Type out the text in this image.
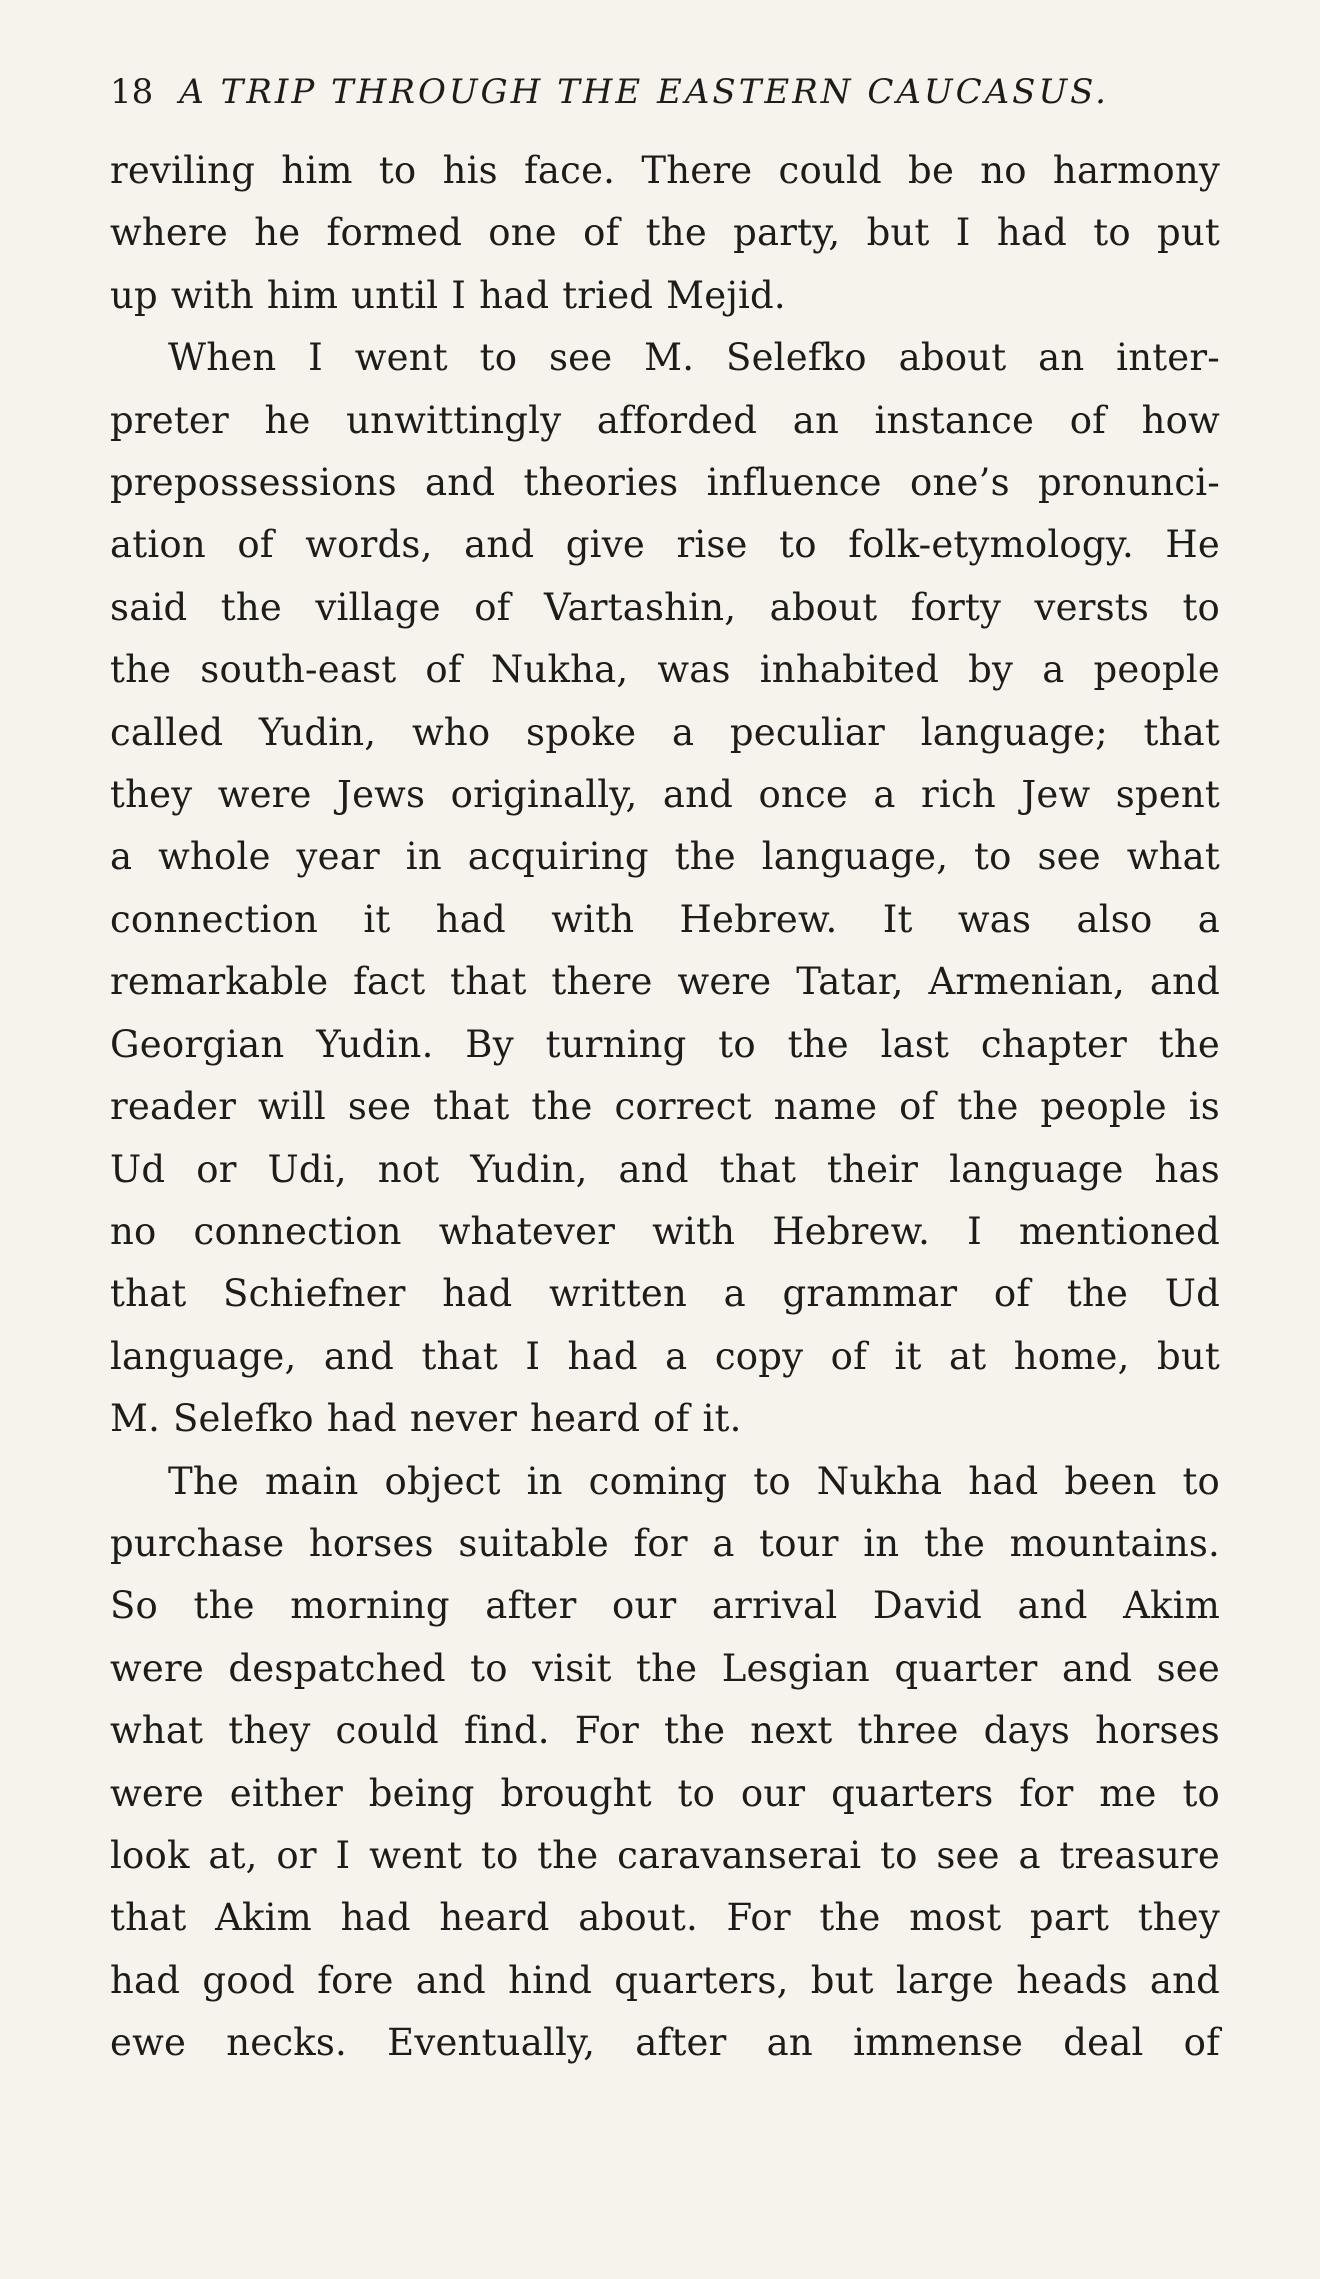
18 A TRIP THROUGH THE EASTERN CAUCASUS.

reviling him to his face. There could be no harmony

where he formed one of the party, but I had to put

up with him until I had tried Mejid.

When I went to see M. Selefko about an inter-

preter he unwittingly afforded an instance of how

prepossessions and theories influence one’s pronunci-

ation of words, and give rise to folk-etymology. He

said the village of Vartashin, about forty versts to

the south-east of Nukha, was inhabited by a people

called Yudin, who spoke a peculiar language; that

they were Jews originally, and once a rich Jew spent

a whole year in acquiring the language, to see what

connection it had with Hebrew. It was also a

remarkable fact that there were Tatar, Armenian, and

Georgian Yudin. By turning to the last chapter the

reader will see that the correct name of the people is

Ud or Udi, not Yudin, and that their language has

no connection whatever with Hebrew. I mentioned

that Schiefner had written a grammar of the Ud

language, and that I had a copy of it at home, but

M. Selefko had never heard of it.

The main object in coming to Nukha had been to

purchase horses suitable for a tour in the mountains.

So the morning after our arrival David and Akim

were despatched to visit the Lesgian quarter and see

what they could find. For the next three days horses

were either being brought to our quarters for me to

look at, or I went to the caravanserai to see a treasure

that Akim had heard about. For the most part they

had good fore and hind quarters, but large heads and

ewe necks. Eventually, after an immense deal of
